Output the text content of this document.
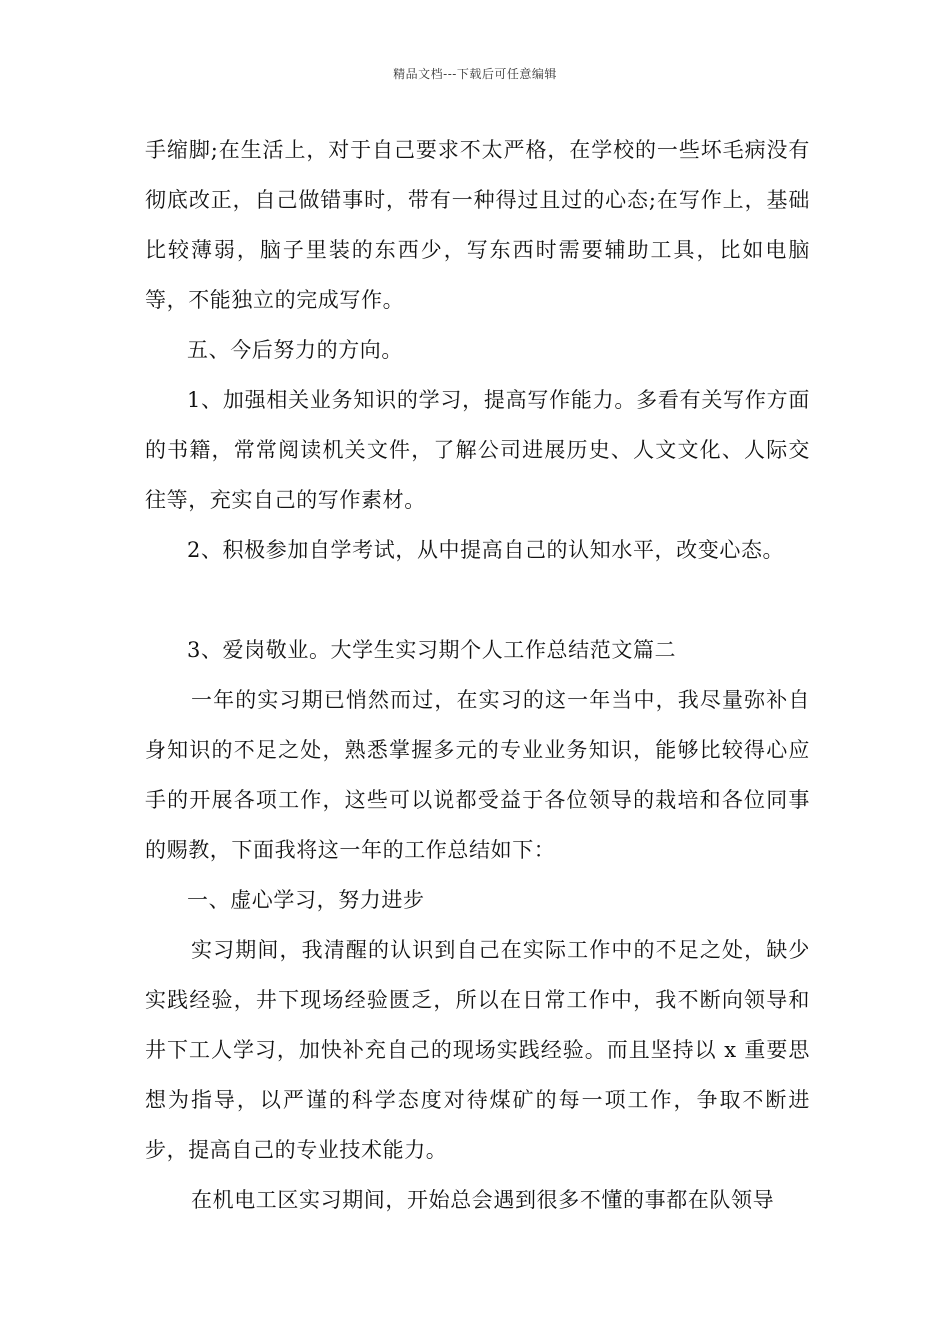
精品文档---下载后可任意编辑

手缩脚;在生活上，对于自己要求不太严格，在学校的一些坏毛病没有彻底改正，自己做错事时，带有一种得过且过的心态;在写作上，基础比较薄弱，脑子里装的东西少，写东西时需要辅助工具，比如电脑等，不能独立的完成写作。

五、今后努力的方向。

1、加强相关业务知识的学习，提高写作能力。多看有关写作方面的书籍，常常阅读机关文件，了解公司进展历史、人文文化、人际交往等，充实自己的写作素材。

2、积极参加自学考试，从中提高自己的认知水平，改变心态。

3、爱岗敬业。大学生实习期个人工作总结范文篇二

一年的实习期已悄然而过，在实习的这一年当中，我尽量弥补自身知识的不足之处，熟悉掌握多元的专业业务知识，能够比较得心应手的开展各项工作，这些可以说都受益于各位领导的栽培和各位同事的赐教，下面我将这一年的工作总结如下：

一、虚心学习，努力进步

实习期间，我清醒的认识到自己在实际工作中的不足之处，缺少实践经验，井下现场经验匮乏，所以在日常工作中，我不断向领导和井下工人学习，加快补充自己的现场实践经验。而且坚持以 x 重要思想为指导，以严谨的科学态度对待煤矿的每一项工作，争取不断进步，提高自己的专业技术能力。

在机电工区实习期间，开始总会遇到很多不懂的事都在队领导
